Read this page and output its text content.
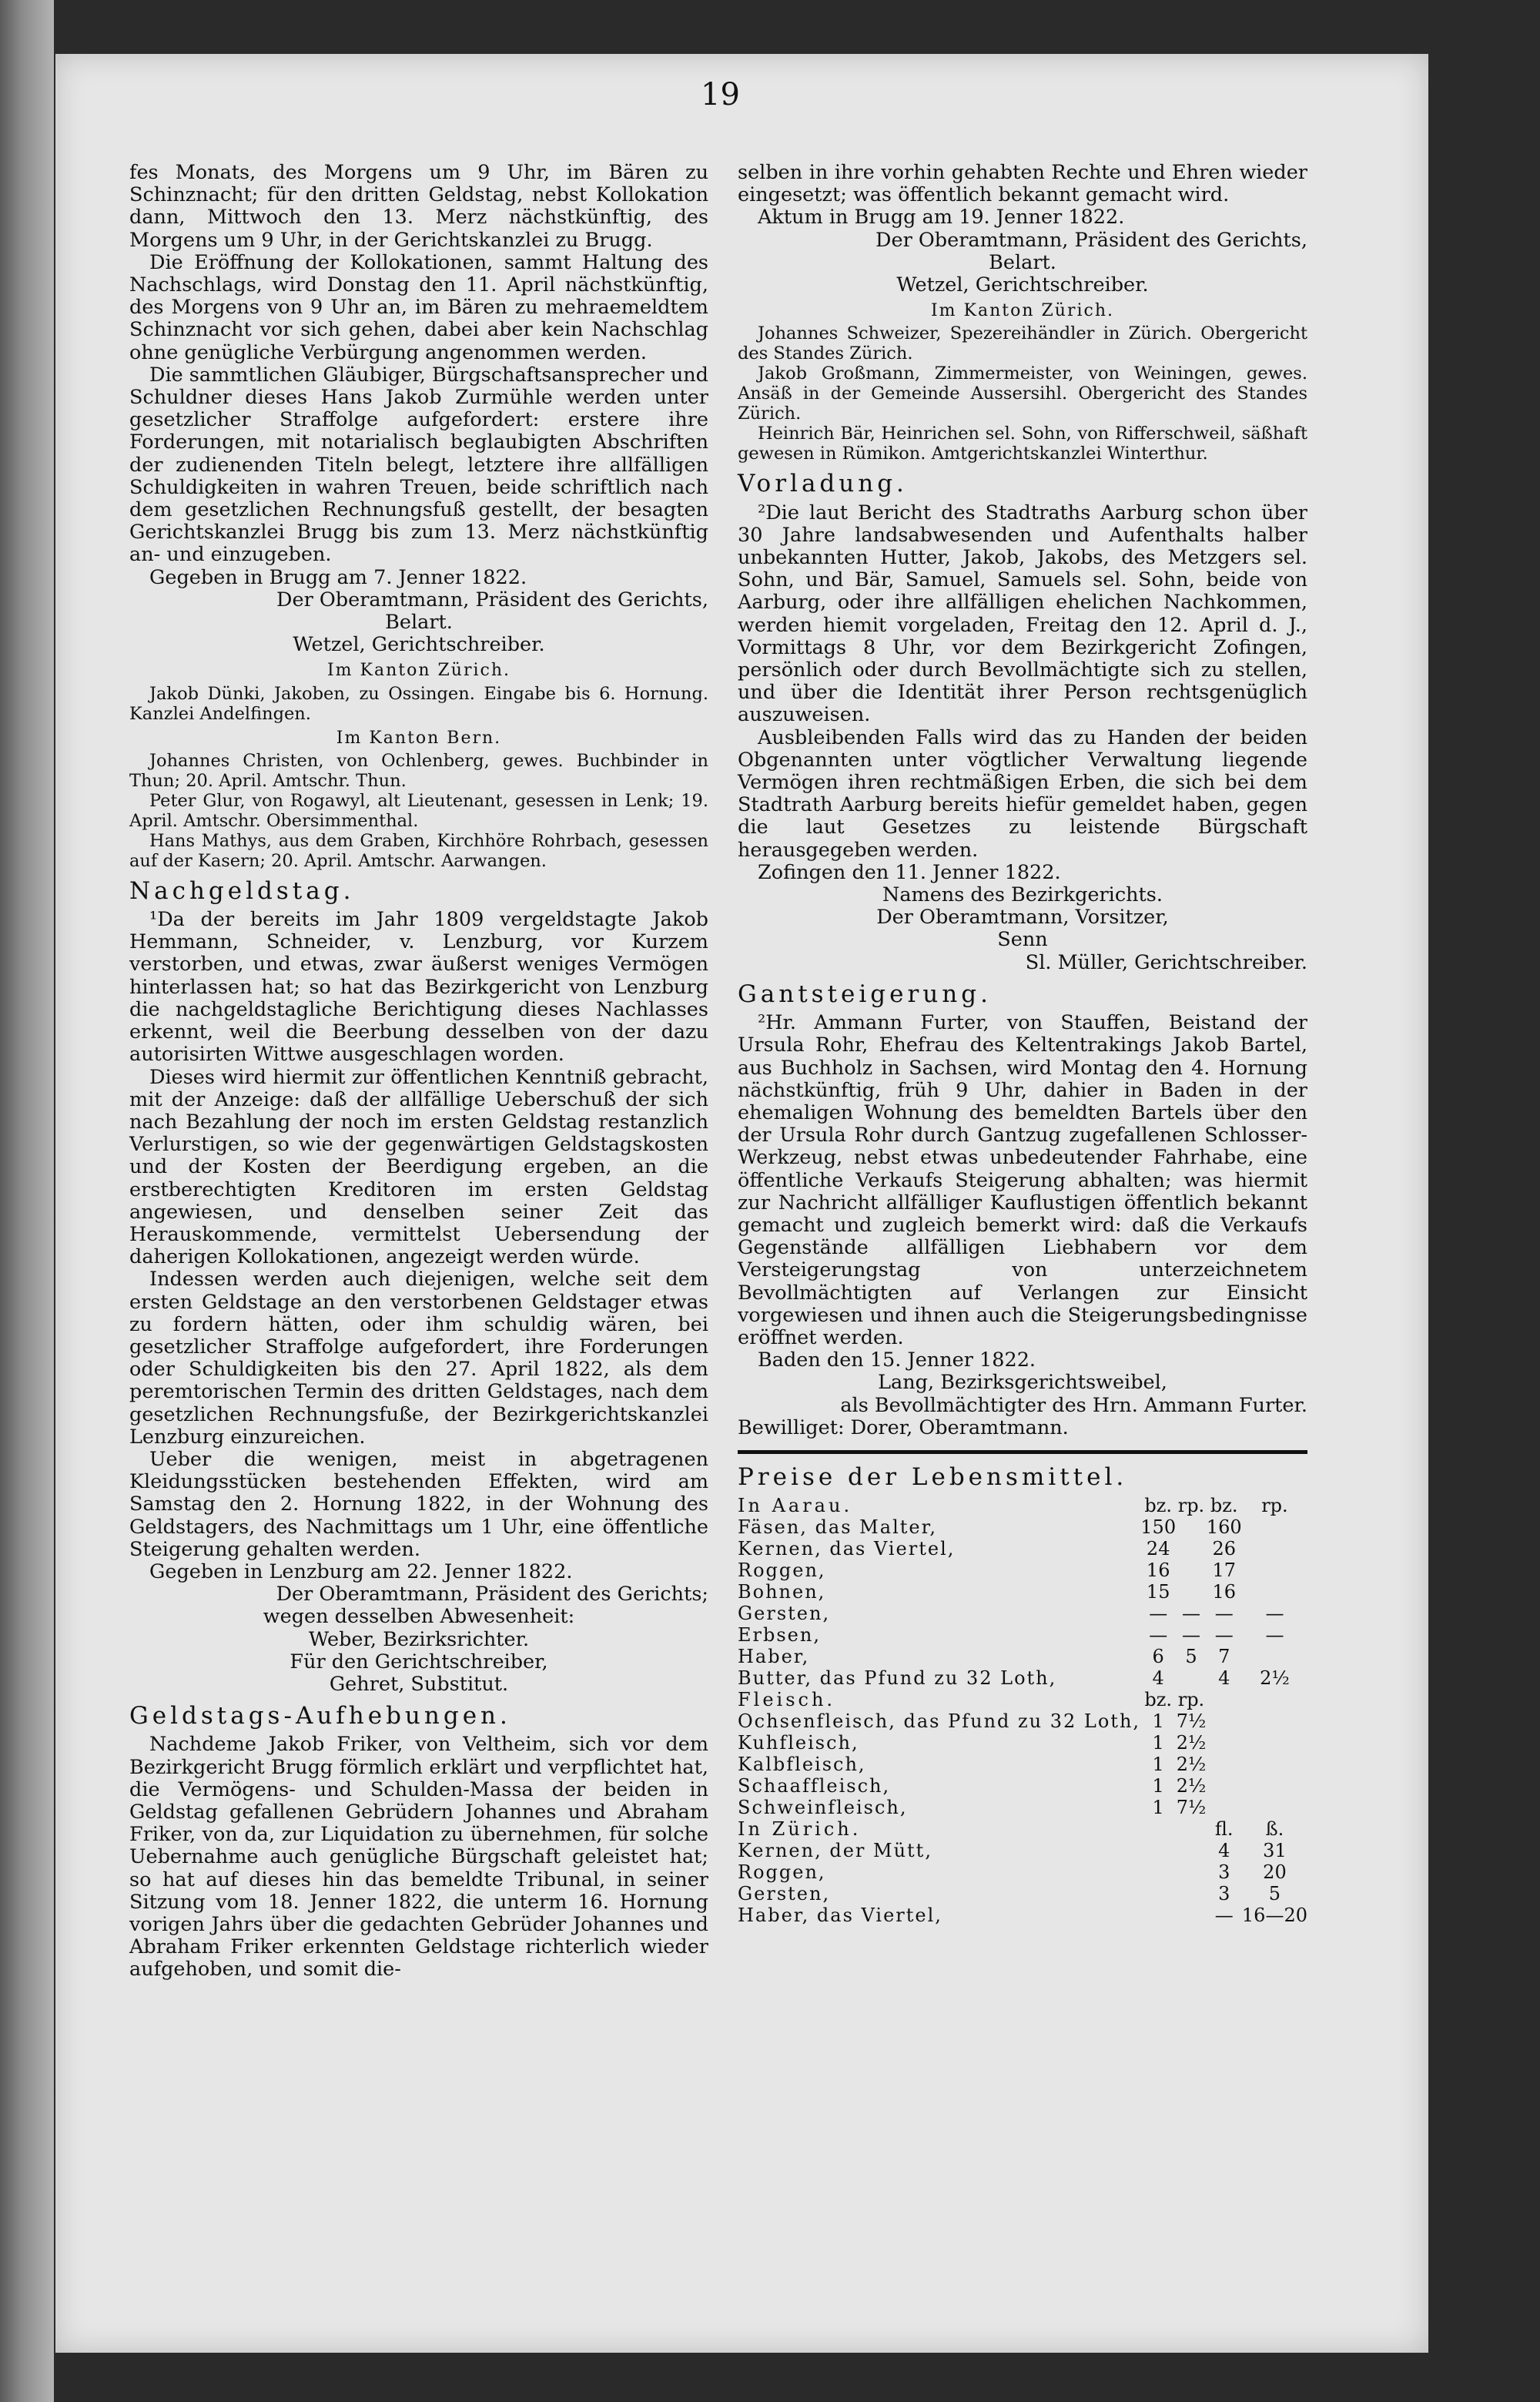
19

fes Monats, des Morgens um 9 Uhr, im Bären zu Schinznacht; für den dritten Geldstag, nebst Kollokation dann, Mittwoch den 13. Merz nächstkünftig, des Morgens um 9 Uhr, in der Gerichtskanzlei zu Brugg.

Die Eröffnung der Kollokationen, sammt Haltung des Nachschlags, wird Donstag den 11. April nächstkünftig, des Morgens von 9 Uhr an, im Bären zu mehraemeldtem Schinznacht vor sich gehen, dabei aber kein Nachschlag ohne genügliche Verbürgung angenommen werden.

Die sammtlichen Gläubiger, Bürgschaftsansprecher und Schuldner dieses Hans Jakob Zurmühle werden unter gesetzlicher Straffolge aufgefordert: erstere ihre Forderungen, mit notarialisch beglaubigten Abschriften der zudienenden Titeln belegt, letztere ihre allfälligen Schuldigkeiten in wahren Treuen, beide schriftlich nach dem gesetzlichen Rechnungsfuß gestellt, der besagten Gerichtskanzlei Brugg bis zum 13. Merz nächstkünftig an- und einzugeben.

Gegeben in Brugg am 7. Jenner 1822.

Der Oberamtmann, Präsident des Gerichts,

Belart.

Wetzel, Gerichtschreiber.

Im Kanton Zürich.

Jakob Dünki, Jakoben, zu Ossingen. Eingabe bis 6. Hornung. Kanzlei Andelfingen.

Im Kanton Bern.

Johannes Christen, von Ochlenberg, gewes. Buchbinder in Thun; 20. April. Amtschr. Thun.

Peter Glur, von Rogawyl, alt Lieutenant, gesessen in Lenk; 19. April. Amtschr. Obersimmenthal.

Hans Mathys, aus dem Graben, Kirchhöre Rohrbach, gesessen auf der Kasern; 20. April. Amtschr. Aarwangen.

Nachgeldstag.

¹Da der bereits im Jahr 1809 vergeldstagte Jakob Hemmann, Schneider, v. Lenzburg, vor Kurzem verstorben, und etwas, zwar äußerst weniges Vermögen hinterlassen hat; so hat das Bezirkgericht von Lenzburg die nachgeldstagliche Berichtigung dieses Nachlasses erkennt, weil die Beerbung desselben von der dazu autorisirten Wittwe ausgeschlagen worden.

Dieses wird hiermit zur öffentlichen Kenntniß gebracht, mit der Anzeige: daß der allfällige Ueberschuß der sich nach Bezahlung der noch im ersten Geldstag restanzlich Verlurstigen, so wie der gegenwärtigen Geldstagskosten und der Kosten der Beerdigung ergeben, an die erstberechtigten Kreditoren im ersten Geldstag angewiesen, und denselben seiner Zeit das Herauskommende, vermittelst Uebersendung der daherigen Kollokationen, angezeigt werden würde.

Indessen werden auch diejenigen, welche seit dem ersten Geldstage an den verstorbenen Geldstager etwas zu fordern hätten, oder ihm schuldig wären, bei gesetzlicher Straffolge aufgefordert, ihre Forderungen oder Schuldigkeiten bis den 27. April 1822, als dem peremtorischen Termin des dritten Geldstages, nach dem gesetzlichen Rechnungsfuße, der Bezirkgerichtskanzlei Lenzburg einzureichen.

Ueber die wenigen, meist in abgetragenen Kleidungsstücken bestehenden Effekten, wird am Samstag den 2. Hornung 1822, in der Wohnung des Geldstagers, des Nachmittags um 1 Uhr, eine öffentliche Steigerung gehalten werden.

Gegeben in Lenzburg am 22. Jenner 1822.

Der Oberamtmann, Präsident des Gerichts;

wegen desselben Abwesenheit:

Weber, Bezirksrichter.

Für den Gerichtschreiber,

Gehret, Substitut.

Geldstags-Aufhebungen.

Nachdeme Jakob Friker, von Veltheim, sich vor dem Bezirkgericht Brugg förmlich erklärt und verpflichtet hat, die Vermögens- und Schulden-Massa der beiden in Geldstag gefallenen Gebrüdern Johannes und Abraham Friker, von da, zur Liquidation zu übernehmen, für solche Uebernahme auch genügliche Bürgschaft geleistet hat; so hat auf dieses hin das bemeldte Tribunal, in seiner Sitzung vom 18. Jenner 1822, die unterm 16. Hornung vorigen Jahrs über die gedachten Gebrüder Johannes und Abraham Friker erkennten Geldstage richterlich wieder aufgehoben, und somit die-

selben in ihre vorhin gehabten Rechte und Ehren wieder eingesetzt; was öffentlich bekannt gemacht wird.

Aktum in Brugg am 19. Jenner 1822.

Der Oberamtmann, Präsident des Gerichts,

Belart.

Wetzel, Gerichtschreiber.

Im Kanton Zürich.

Johannes Schweizer, Spezereihändler in Zürich. Obergericht des Standes Zürich.

Jakob Großmann, Zimmermeister, von Weiningen, gewes. Ansäß in der Gemeinde Aussersihl. Obergericht des Standes Zürich.

Heinrich Bär, Heinrichen sel. Sohn, von Rifferschweil, säßhaft gewesen in Rümikon. Amtgerichtskanzlei Winterthur.

Vorladung.

²Die laut Bericht des Stadtraths Aarburg schon über 30 Jahre landsabwesenden und Aufenthalts halber unbekannten Hutter, Jakob, Jakobs, des Metzgers sel. Sohn, und Bär, Samuel, Samuels sel. Sohn, beide von Aarburg, oder ihre allfälligen ehelichen Nachkommen, werden hiemit vorgeladen, Freitag den 12. April d. J., Vormittags 8 Uhr, vor dem Bezirkgericht Zofingen, persönlich oder durch Bevollmächtigte sich zu stellen, und über die Identität ihrer Person rechtsgenüglich auszuweisen.

Ausbleibenden Falls wird das zu Handen der beiden Obgenannten unter vögtlicher Verwaltung liegende Vermögen ihren rechtmäßigen Erben, die sich bei dem Stadtrath Aarburg bereits hiefür gemeldet haben, gegen die laut Gesetzes zu leistende Bürgschaft herausgegeben werden.

Zofingen den 11. Jenner 1822.

Namens des Bezirkgerichts.

Der Oberamtmann, Vorsitzer,

Senn

Sl. Müller, Gerichtschreiber.

Gantsteigerung.

²Hr. Ammann Furter, von Stauffen, Beistand der Ursula Rohr, Ehefrau des Keltentrakings Jakob Bartel, aus Buchholz in Sachsen, wird Montag den 4. Hornung nächstkünftig, früh 9 Uhr, dahier in Baden in der ehemaligen Wohnung des bemeldten Bartels über den der Ursula Rohr durch Gantzug zugefallenen Schlosser-Werkzeug, nebst etwas unbedeutender Fahrhabe, eine öffentliche Verkaufs Steigerung abhalten; was hiermit zur Nachricht allfälliger Kauflustigen öffentlich bekannt gemacht und zugleich bemerkt wird: daß die Verkaufs Gegenstände allfälligen Liebhabern vor dem Versteigerungstag von unterzeichnetem Bevollmächtigten auf Verlangen zur Einsicht vorgewiesen und ihnen auch die Steigerungsbedingnisse eröffnet werden.

Baden den 15. Jenner 1822.

Lang, Bezirksgerichtsweibel,

als Bevollmächtigter des Hrn. Ammann Furter.

Bewilliget: Dorer, Oberamtmann.

Preise der Lebensmittel.

In Aarau.	bz.	rp.	bz.	rp.
Fäsen, das Malter,	150		160	
Kernen, das Viertel,	24		26	
Roggen,	16		17	
Bohnen,	15		16	
Gersten,	—	—	—	—
Erbsen,	—	—	—	—
Haber,	6	5	7	
Butter, das Pfund zu 32 Loth,	4		4	2½
Fleisch.	bz.	rp.		
Ochsenfleisch, das Pfund zu 32 Loth,	1	7½		
Kuhfleisch,	1	2½		
Kalbfleisch,	1	2½		
Schaaffleisch,	1	2½		
Schweinfleisch,	1	7½		
In Zürich.			fl.	ß.
Kernen, der Mütt,			4	31
Roggen,			3	20
Gersten,			3	5
Haber, das Viertel,			—	16—20
